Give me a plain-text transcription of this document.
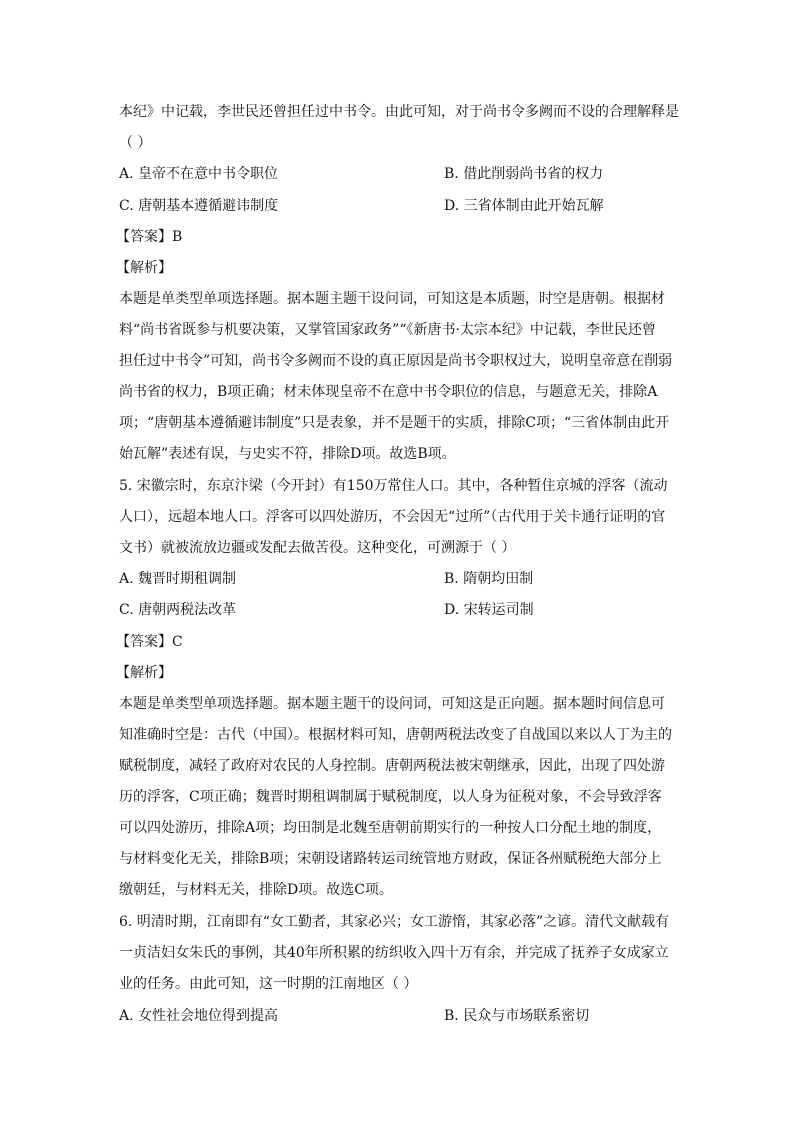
本纪》中记载，李世民还曾担任过中书令。由此可知，对于尚书令多阙而不设的合理解释是
（ ）
A. 皇帝不在意中书令职位	B. 借此削弱尚书省的权力
C. 唐朝基本遵循避讳制度	D. 三省体制由此开始瓦解
【答案】B
【解析】
本题是单类型单项选择题。据本题主题干设问词，可知这是本质题，时空是唐朝。根据材
料“尚书省既参与机要决策，又掌管国家政务”“《新唐书·太宗本纪》中记载，李世民还曾
担任过中书令”可知，尚书令多阙而不设的真正原因是尚书令职权过大，说明皇帝意在削弱
尚书省的权力，B项正确；材未体现皇帝不在意中书令职位的信息，与题意无关，排除A
项；“唐朝基本遵循避讳制度”只是表象，并不是题干的实质，排除C项；“三省体制由此开
始瓦解”表述有误，与史实不符，排除D项。故选B项。
5. 宋徽宗时，东京汴梁（今开封）有150万常住人口。其中，各种暂住京城的浮客（流动
人口），远超本地人口。浮客可以四处游历，不会因无“过所”（古代用于关卡通行证明的官
文书）就被流放边疆或发配去做苦役。这种变化，可溯源于（ ）
A. 魏晋时期租调制	B. 隋朝均田制
C. 唐朝两税法改革	D. 宋转运司制
【答案】C
【解析】
本题是单类型单项选择题。据本题主题干的设问词，可知这是正向题。据本题时间信息可
知准确时空是：古代（中国）。根据材料可知，唐朝两税法改变了自战国以来以人丁为主的
赋税制度，减轻了政府对农民的人身控制。唐朝两税法被宋朝继承，因此，出现了四处游
历的浮客，C项正确；魏晋时期租调制属于赋税制度，以人身为征税对象，不会导致浮客
可以四处游历，排除A项；均田制是北魏至唐朝前期实行的一种按人口分配土地的制度，
与材料变化无关，排除B项；宋朝设诸路转运司统管地方财政，保证各州赋税绝大部分上
缴朝廷，与材料无关，排除D项。故选C项。
6. 明清时期，江南即有“女工勤者，其家必兴；女工游惰，其家必落”之谚。清代文献载有
一贞洁妇女朱氏的事例，其40年所积累的纺织收入四十万有余，并完成了抚养子女成家立
业的任务。由此可知，这一时期的江南地区（ ）
A. 女性社会地位得到提高	B. 民众与市场联系密切
